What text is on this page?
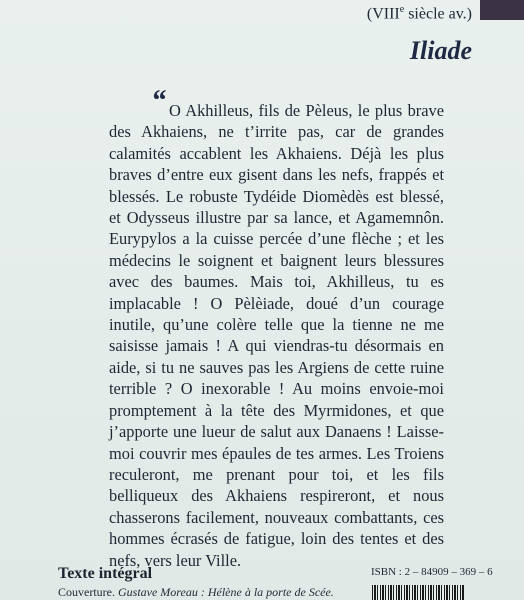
(VIIIe siècle av.)
Iliade
“ O Akhilleus, fils de Pèleus, le plus brave des Akhaiens, ne t’irrite pas, car de grandes calamités accablent les Akhaiens. Déjà les plus braves d’entre eux gisent dans les nefs, frappés et blessés. Le robuste Tydéide Diomèdès est blessé, et Odysseus illustre par sa lance, et Agamemnôn. Eurypylos a la cuisse percée d’une flèche ; et les médecins le soignent et baignent leurs blessures avec des baumes. Mais toi, Akhilleus, tu es implacable ! O Pèlèiade, doué d’un courage inutile, qu’une colère telle que la tienne ne me saisisse jamais ! A qui viendras-tu désormais en aide, si tu ne sauves pas les Argiens de cette ruine terrible ? O inexorable ! Au moins envoie-moi promptement à la tête des Myrmidones, et que j’apporte une lueur de salut aux Danaens ! Laisse-moi couvrir mes épaules de tes armes. Les Troiens reculeront, me prenant pour toi, et les fils belliqueux des Akhaiens respireront, et nous chasserons facilement, nouveaux combattants, ces hommes écrasés de fatigue, loin des tentes et des nefs, vers leur Ville.

Texte intégral	ISBN : 2 – 84909 – 369 – 6
Couverture. Gustave Moreau : Hélène à la porte de Scée.
